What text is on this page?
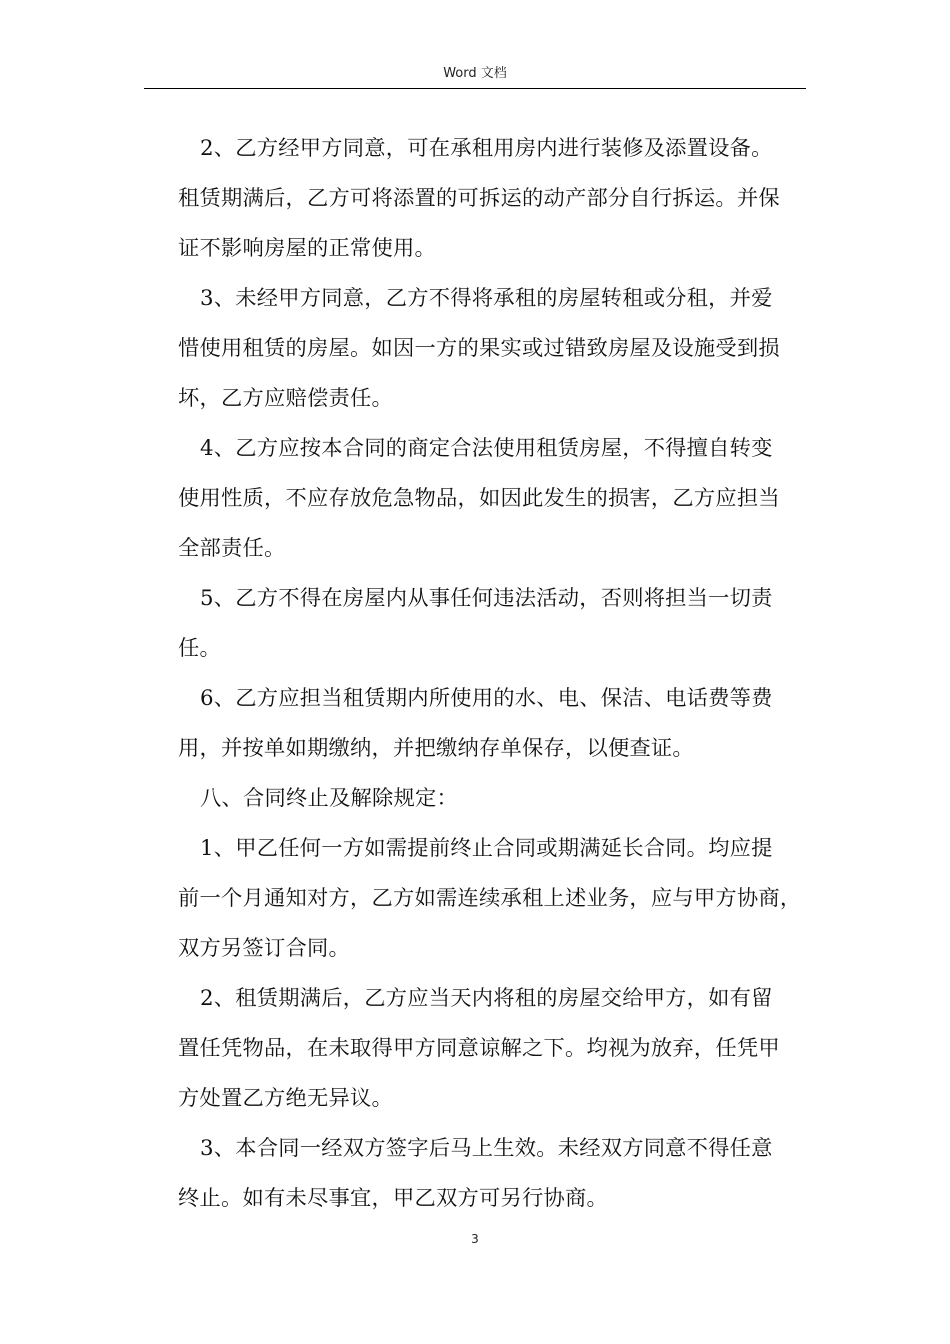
Word 文档

2、乙方经甲方同意，可在承租用房内进行装修及添置设备。
租赁期满后，乙方可将添置的可拆运的动产部分自行拆运。并保
证不影响房屋的正常使用。

3、未经甲方同意，乙方不得将承租的房屋转租或分租，并爱
惜使用租赁的房屋。如因一方的果实或过错致房屋及设施受到损
坏，乙方应赔偿责任。

4、乙方应按本合同的商定合法使用租赁房屋，不得擅自转变
使用性质，不应存放危急物品，如因此发生的损害，乙方应担当
全部责任。

5、乙方不得在房屋内从事任何违法活动，否则将担当一切责
任。

6、乙方应担当租赁期内所使用的水、电、保洁、电话费等费
用，并按单如期缴纳，并把缴纳存单保存，以便查证。

八、合同终止及解除规定：

1、甲乙任何一方如需提前终止合同或期满延长合同。均应提
前一个月通知对方，乙方如需连续承租上述业务，应与甲方协商，
双方另签订合同。

2、租赁期满后，乙方应当天内将租的房屋交给甲方，如有留
置任凭物品，在未取得甲方同意谅解之下。均视为放弃，任凭甲
方处置乙方绝无异议。

3、本合同一经双方签字后马上生效。未经双方同意不得任意
终止。如有未尽事宜，甲乙双方可另行协商。

3
